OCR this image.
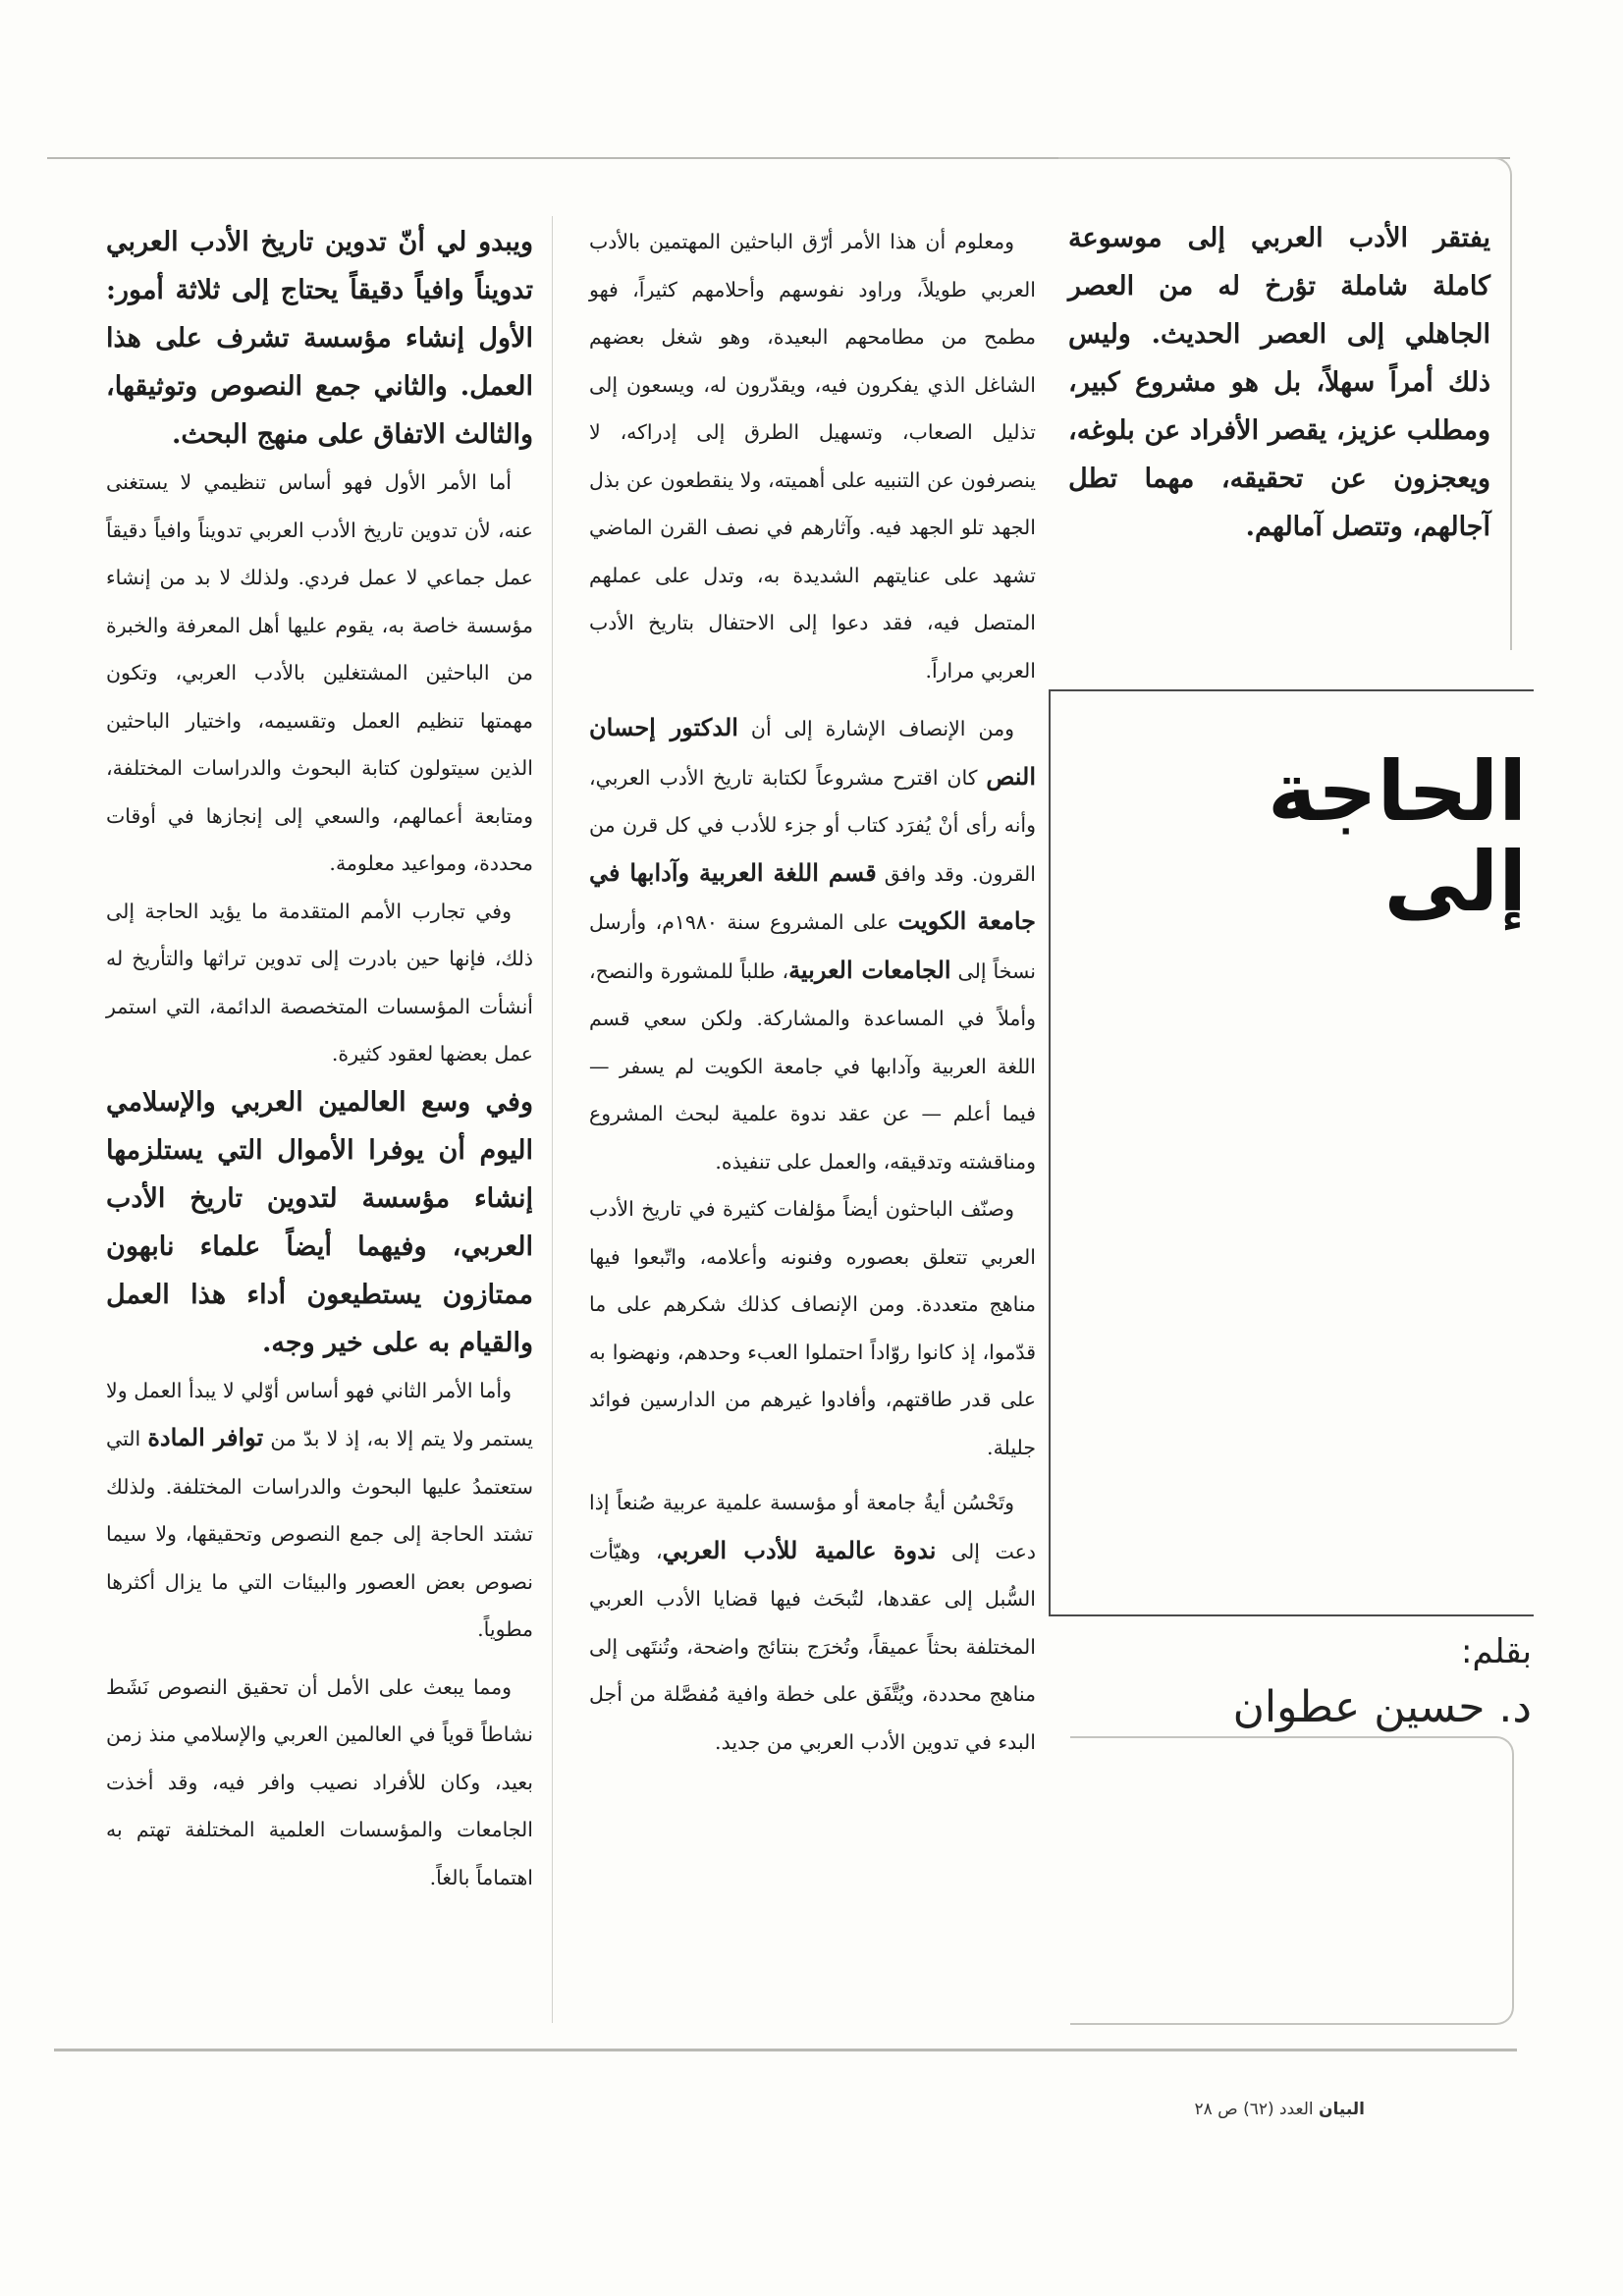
يفتقر الأدب العربي إلى موسوعة كاملة شاملة تؤرخ له من العصر الجاهلي إلى العصر الحديث. وليس ذلك أمراً سهلاً، بل هو مشروع كبير، ومطلب عزيز، يقصر الأفراد عن بلوغه، ويعجزون عن تحقيقه، مهما تطل آجالهم، وتتصل آمالهم.
الحاجة
إلى
بقلم:
د. حسين عطوان

ومعلوم أن هذا الأمر أرّق الباحثين المهتمين بالأدب العربي طويلاً، وراود نفوسهم وأحلامهم كثيراً، فهو مطمح من مطامحهم البعيدة، وهو شغل بعضهم الشاغل الذي يفكرون فيه، ويقدّرون له، ويسعون إلى تذليل الصعاب، وتسهيل الطرق إلى إدراكه، لا ينصرفون عن التنبيه على أهميته، ولا ينقطعون عن بذل الجهد تلو الجهد فيه. وآثارهم في نصف القرن الماضي تشهد على عنايتهم الشديدة به، وتدل على عملهم المتصل فيه، فقد دعوا إلى الاحتفال بتاريخ الأدب العربي مراراً.

ومن الإنصاف الإشارة إلى أن الدكتور إحسان النص كان اقترح مشروعاً لكتابة تاريخ الأدب العربي، وأنه رأى أنْ يُفرَد كتاب أو جزء للأدب في كل قرن من القرون. وقد وافق قسم اللغة العربية وآدابها في جامعة الكويت على المشروع سنة ١٩٨٠م، وأرسل نسخاً إلى الجامعات العربية، طلباً للمشورة والنصح، وأملاً في المساعدة والمشاركة. ولكن سعي قسم اللغة العربية وآدابها في جامعة الكويت لم يسفر — فيما أعلم — عن عقد ندوة علمية لبحث المشروع ومناقشته وتدقيقه، والعمل على تنفيذه.

وصنّف الباحثون أيضاً مؤلفات كثيرة في تاريخ الأدب العربي تتعلق بعصوره وفنونه وأعلامه، واتّبعوا فيها مناهج متعددة. ومن الإنصاف كذلك شكرهم على ما قدّموا، إذ كانوا روّاداً احتملوا العبء وحدهم، ونهضوا به على قدر طاقتهم، وأفادوا غيرهم من الدارسين فوائد جليلة.

وتَحْسُن أيةُ جامعة أو مؤسسة علمية عربية صُنعاً إذا دعت إلى ندوة عالمية للأدب العربي، وهيّأت السُّبل إلى عقدها، لتُبحَث فيها قضايا الأدب العربي المختلفة بحثاً عميقاً، وتُخرَج بنتائج واضحة، وتُنتَهى إلى مناهج محددة، ويُتَّفَق على خطة وافية مُفصَّلة من أجل البدء في تدوين الأدب العربي من جديد.

ويبدو لي أنّ تدوين تاريخ الأدب العربي تدويناً وافياً دقيقاً يحتاج إلى ثلاثة أمور: الأول إنشاء مؤسسة تشرف على هذا العمل. والثاني جمع النصوص وتوثيقها، والثالث الاتفاق على منهج البحث.

أما الأمر الأول فهو أساس تنظيمي لا يستغنى عنه، لأن تدوين تاريخ الأدب العربي تدويناً وافياً دقيقاً عمل جماعي لا عمل فردي. ولذلك لا بد من إنشاء مؤسسة خاصة به، يقوم عليها أهل المعرفة والخبرة من الباحثين المشتغلين بالأدب العربي، وتكون مهمتها تنظيم العمل وتقسيمه، واختيار الباحثين الذين سيتولون كتابة البحوث والدراسات المختلفة، ومتابعة أعمالهم، والسعي إلى إنجازها في أوقات محددة، ومواعيد معلومة.

وفي تجارب الأمم المتقدمة ما يؤيد الحاجة إلى ذلك، فإنها حين بادرت إلى تدوين تراثها والتأريخ له أنشأت المؤسسات المتخصصة الدائمة، التي استمر عمل بعضها لعقود كثيرة.

وفي وسع العالمين العربي والإسلامي اليوم أن يوفرا الأموال التي يستلزمها إنشاء مؤسسة لتدوين تاريخ الأدب العربي، وفيهما أيضاً علماء نابهون ممتازون يستطيعون أداء هذا العمل والقيام به على خير وجه.

وأما الأمر الثاني فهو أساس أوّلي لا يبدأ العمل ولا يستمر ولا يتم إلا به، إذ لا بدّ من توافر المادة التي ستعتمدُ عليها البحوث والدراسات المختلفة. ولذلك تشتد الحاجة إلى جمع النصوص وتحقيقها، ولا سيما نصوص بعض العصور والبيئات التي ما يزال أكثرها مطوياً.

ومما يبعث على الأمل أن تحقيق النصوص نَشَط نشاطاً قوياً في العالمين العربي والإسلامي منذ زمن بعيد، وكان للأفراد نصيب وافر فيه، وقد أخذت الجامعات والمؤسسات العلمية المختلفة تهتم به اهتماماً بالغاً.

البيان العدد (٦٢) ص ٢٨
